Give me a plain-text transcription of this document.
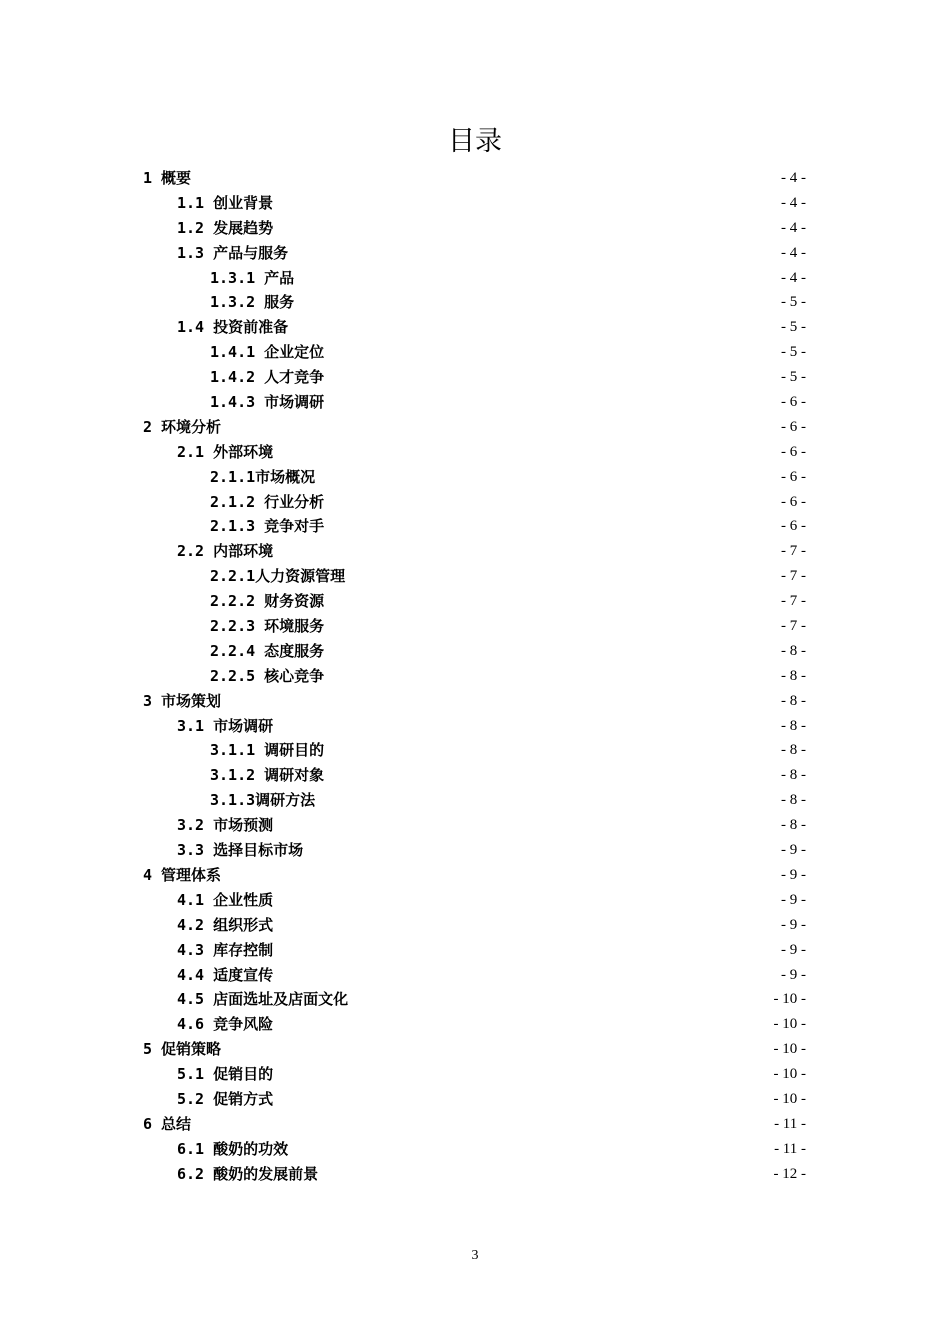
目录
1 概要	- 4 -
1.1 创业背景	- 4 -
1.2 发展趋势	- 4 -
1.3 产品与服务	- 4 -
1.3.1 产品	- 4 -
1.3.2 服务	- 5 -
1.4 投资前准备	- 5 -
1.4.1 企业定位	- 5 -
1.4.2 人才竞争	- 5 -
1.4.3 市场调研	- 6 -
2 环境分析	- 6 -
2.1 外部环境	- 6 -
2.1.1市场概况	- 6 -
2.1.2 行业分析	- 6 -
2.1.3 竞争对手	- 6 -
2.2 内部环境	- 7 -
2.2.1人力资源管理	- 7 -
2.2.2 财务资源	- 7 -
2.2.3 环境服务	- 7 -
2.2.4 态度服务	- 8 -
2.2.5 核心竞争	- 8 -
3 市场策划	- 8 -
3.1 市场调研	- 8 -
3.1.1 调研目的	- 8 -
3.1.2 调研对象	- 8 -
3.1.3调研方法	- 8 -
3.2 市场预测	- 8 -
3.3 选择目标市场	- 9 -
4 管理体系	- 9 -
4.1 企业性质	- 9 -
4.2 组织形式	- 9 -
4.3 库存控制	- 9 -
4.4 适度宣传	- 9 -
4.5 店面选址及店面文化	- 10 -
4.6 竞争风险	- 10 -
5 促销策略	- 10 -
5.1 促销目的	- 10 -
5.2 促销方式	- 10 -
6 总结	- 11 -
6.1 酸奶的功效	- 11 -
6.2 酸奶的发展前景	- 12 -
3
